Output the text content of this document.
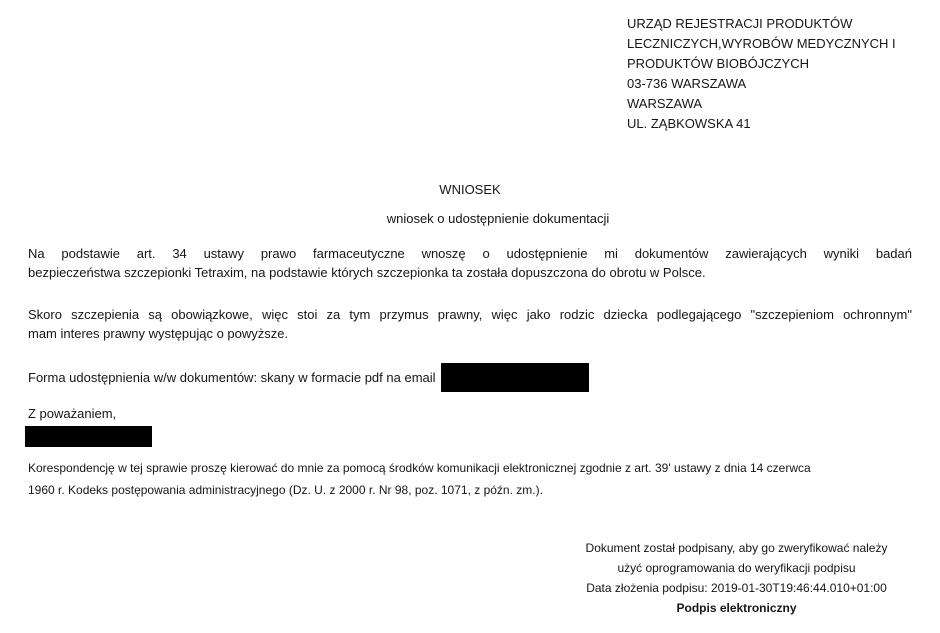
URZĄD REJESTRACJI PRODUKTÓW
LECZNICZYCH,WYROBÓW MEDYCZNYCH I
PRODUKTÓW BIOBÓJCZYCH
03-736 WARSZAWA
WARSZAWA
UL. ZĄBKOWSKA 41
WNIOSEK
wniosek o udostępnienie dokumentacji
Na podstawie art. 34 ustawy prawo farmaceutyczne wnoszę o udostępnienie mi dokumentów zawierających wyniki badań
bezpieczeństwa szczepionki Tetraxim, na podstawie których szczepionka ta została dopuszczona do obrotu w Polsce.
Skoro szczepienia są obowiązkowe, więc stoi za tym przymus prawny, więc jako rodzic dziecka podlegającego "szczepieniom ochronnym"
mam interes prawny występując o powyższe.
Forma udostępnienia w/w dokumentów: skany w formacie pdf na email
Z poważaniem,
Korespondencję w tej sprawie proszę kierować do mnie za pomocą środków komunikacji elektronicznej zgodnie z art. 39' ustawy z dnia 14 czerwca
1960 r. Kodeks postępowania administracyjnego (Dz. U. z 2000 r. Nr 98, poz. 1071, z późn. zm.).
Dokument został podpisany, aby go zweryfikować należy
użyć oprogramowania do weryfikacji podpisu
Data złożenia podpisu: 2019-01-30T19:46:44.010+01:00
Podpis elektroniczny
